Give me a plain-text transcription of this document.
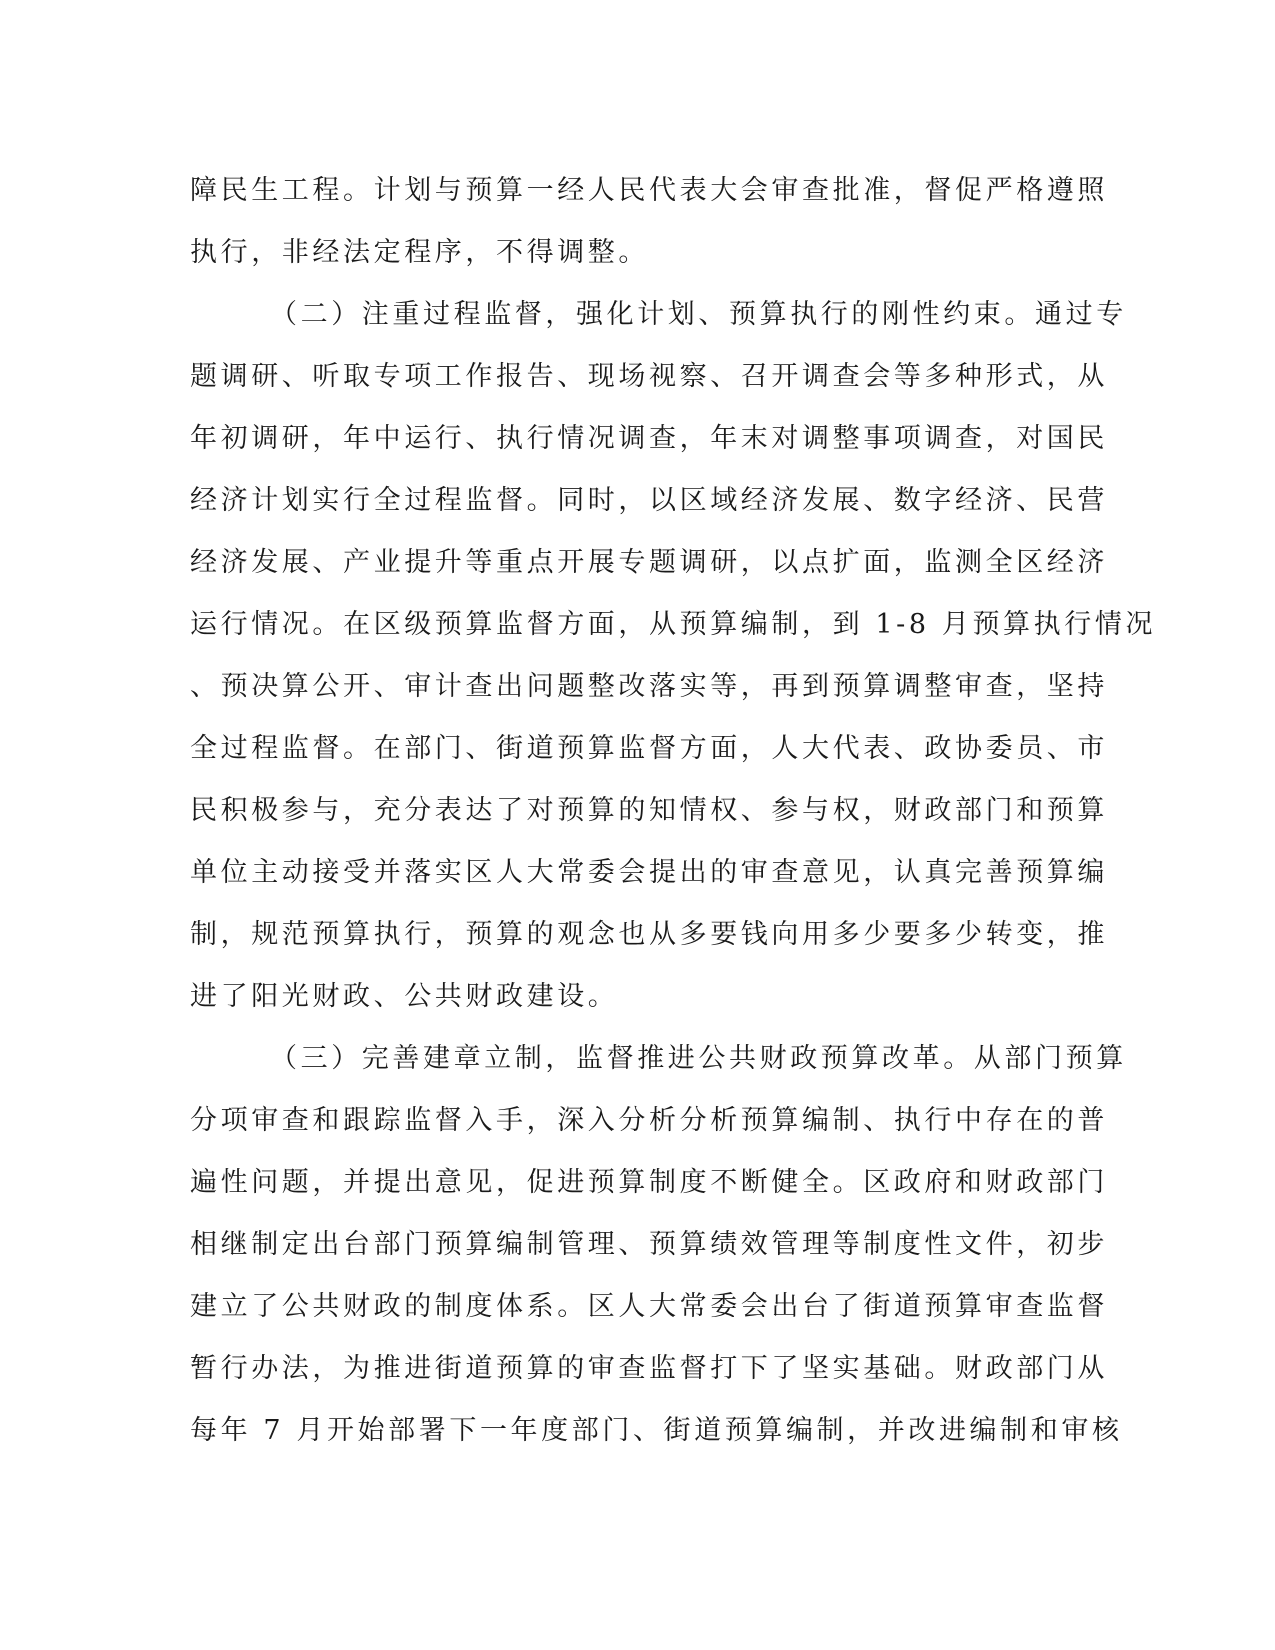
障民生工程。计划与预算一经人民代表大会审查批准，督促严格遵照
执行，非经法定程序，不得调整。
（二）注重过程监督，强化计划、预算执行的刚性约束。通过专
题调研、听取专项工作报告、现场视察、召开调查会等多种形式，从
年初调研，年中运行、执行情况调查，年末对调整事项调查，对国民
经济计划实行全过程监督。同时，以区域经济发展、数字经济、民营
经济发展、产业提升等重点开展专题调研，以点扩面，监测全区经济
运行情况。在区级预算监督方面，从预算编制，到 1-8 月预算执行情况
、预决算公开、审计查出问题整改落实等，再到预算调整审查，坚持
全过程监督。在部门、街道预算监督方面，人大代表、政协委员、市
民积极参与，充分表达了对预算的知情权、参与权，财政部门和预算
单位主动接受并落实区人大常委会提出的审查意见，认真完善预算编
制，规范预算执行，预算的观念也从多要钱向用多少要多少转变，推
进了阳光财政、公共财政建设。
（三）完善建章立制，监督推进公共财政预算改革。从部门预算
分项审查和跟踪监督入手，深入分析分析预算编制、执行中存在的普
遍性问题，并提出意见，促进预算制度不断健全。区政府和财政部门
相继制定出台部门预算编制管理、预算绩效管理等制度性文件，初步
建立了公共财政的制度体系。区人大常委会出台了街道预算审查监督
暂行办法，为推进街道预算的审查监督打下了坚实基础。财政部门从
每年 7 月开始部署下一年度部门、街道预算编制，并改进编制和审核
